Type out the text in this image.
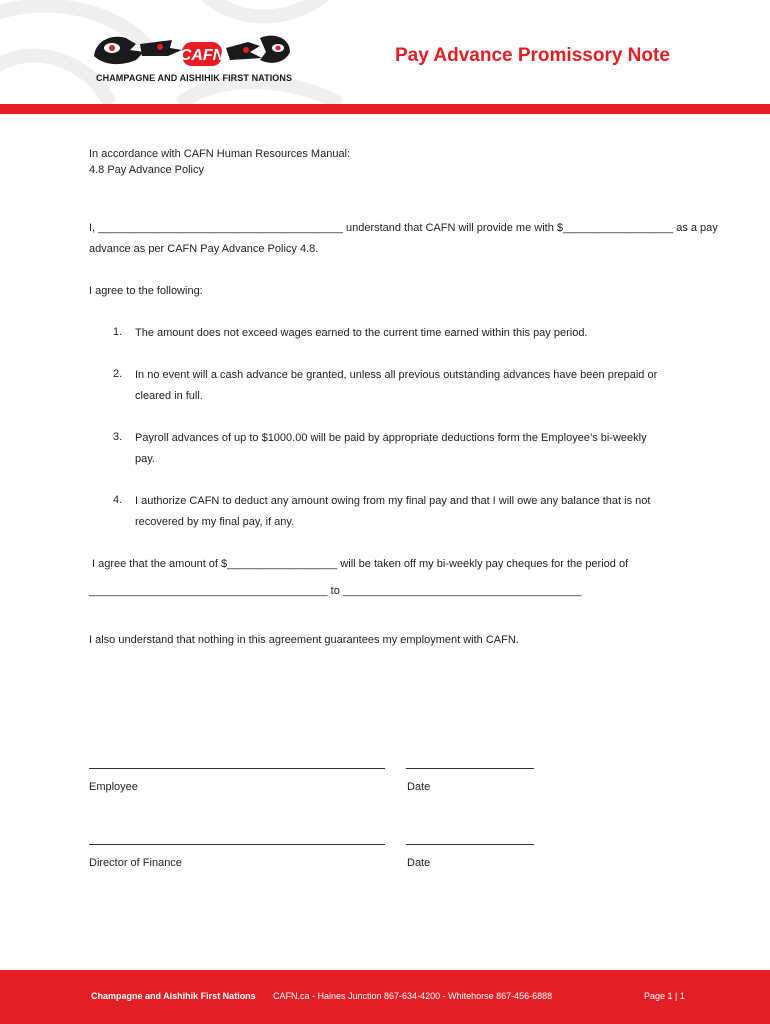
CAFN
CHAMPAGNE AND AISHIHIK FIRST NATIONS
Pay Advance Promissory Note
In accordance with CAFN Human Resources Manual:
4.8 Pay Advance Policy
I, ________________________________________ understand that CAFN will provide me with $__________________ as a pay
advance as per CAFN Pay Advance Policy 4.8.
I agree to the following:
1. The amount does not exceed wages earned to the current time earned within this pay period.
2. In no event will a cash advance be granted, unless all previous outstanding advances have been prepaid or
cleared in full.
3. Payroll advances of up to $1000.00 will be paid by appropriate deductions form the Employee’s bi-weekly
pay.
4. I authorize CAFN to deduct any amount owing from my final pay and that I will owe any balance that is not
recovered by my final pay, if any.
I agree that the amount of $__________________ will be taken off my bi-weekly pay cheques for the period of
_______________________________________ to _______________________________________
I also understand that nothing in this agreement guarantees my employment with CAFN.
Employee	Date
Director of Finance	Date
Champagne and Aishihik First Nations CAFN.ca - Haines Junction 867-634-4200 - Whitehorse 867-456-6888	Page 1 | 1
